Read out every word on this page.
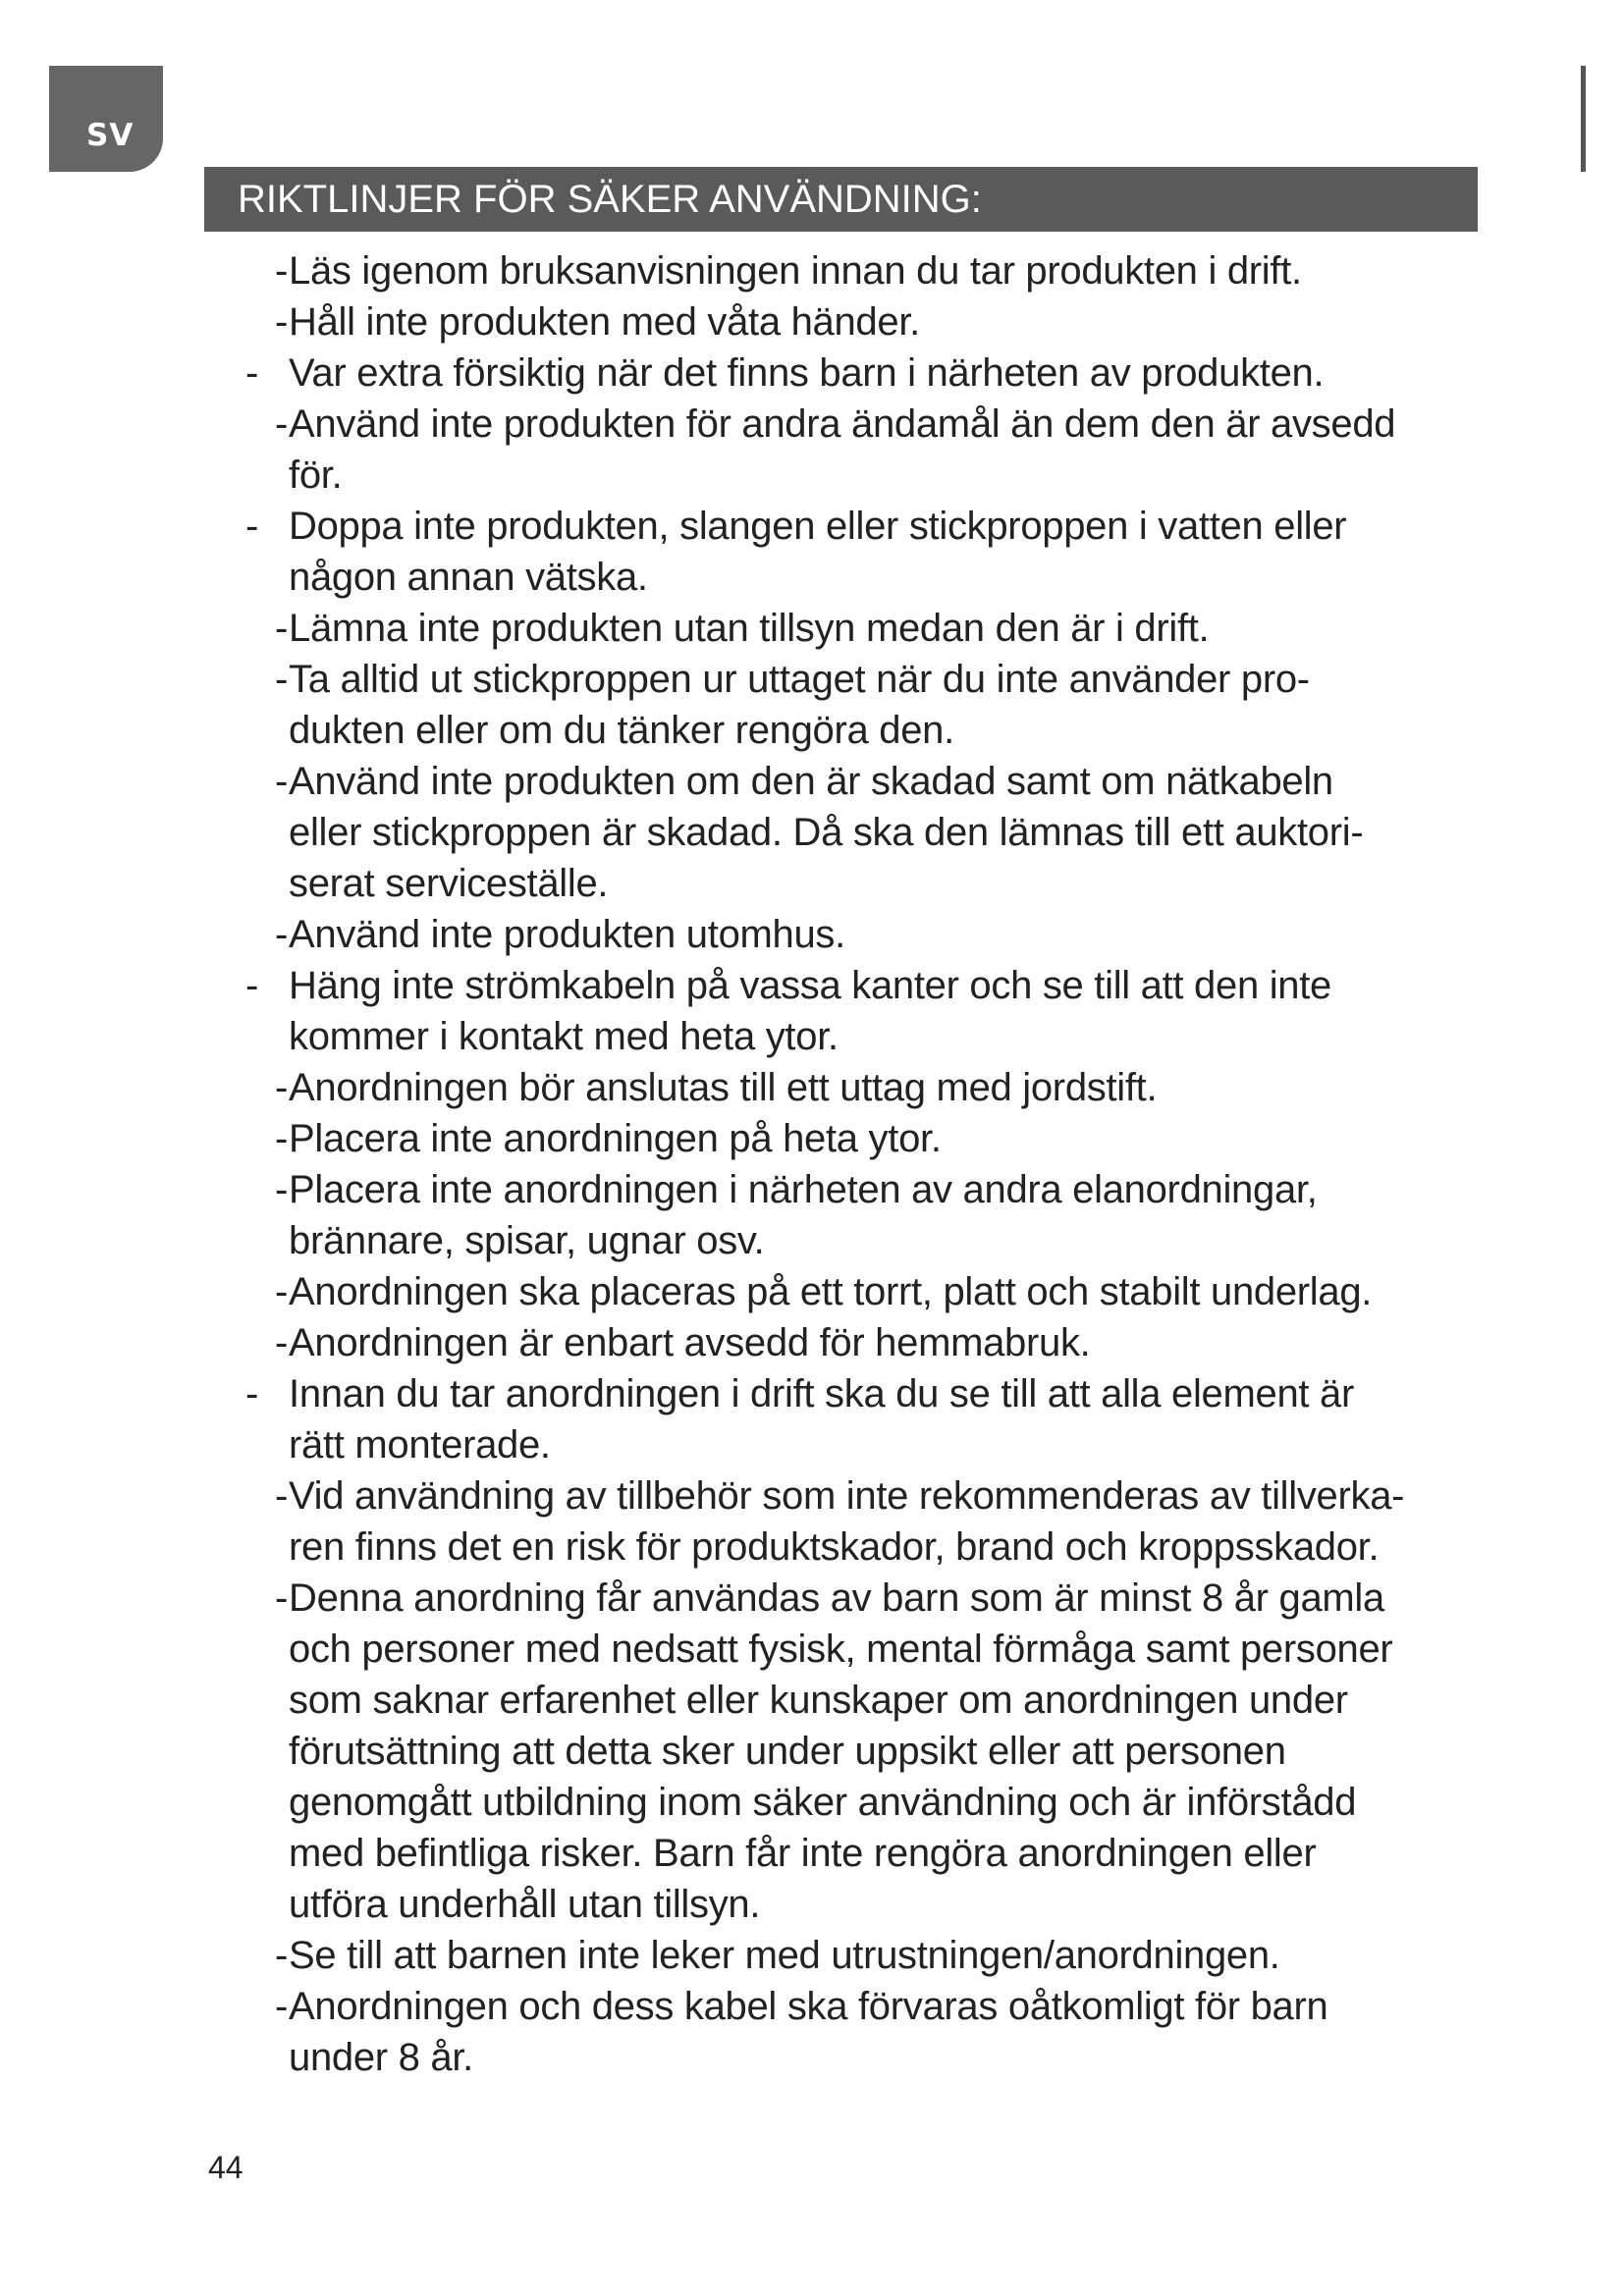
SV
RIKTLINJER FÖR SÄKER ANVÄNDNING:
- Läs igenom bruksanvisningen innan du tar produkten i drift.
- Håll inte produkten med våta händer.
- Var extra försiktig när det finns barn i närheten av produkten.
- Använd inte produkten för andra ändamål än dem den är avsedd
för.
- Doppa inte produkten, slangen eller stickproppen i vatten eller
någon annan vätska.
- Lämna inte produkten utan tillsyn medan den är i drift.
- Ta alltid ut stickproppen ur uttaget när du inte använder pro-
dukten eller om du tänker rengöra den.
- Använd inte produkten om den är skadad samt om nätkabeln
eller stickproppen är skadad. Då ska den lämnas till ett auktori-
serat serviceställe.
- Använd inte produkten utomhus.
- Häng inte strömkabeln på vassa kanter och se till att den inte
kommer i kontakt med heta ytor.
- Anordningen bör anslutas till ett uttag med jordstift.
- Placera inte anordningen på heta ytor.
- Placera inte anordningen i närheten av andra elanordningar,
brännare, spisar, ugnar osv.
- Anordningen ska placeras på ett torrt, platt och stabilt underlag.
- Anordningen är enbart avsedd för hemmabruk.
- Innan du tar anordningen i drift ska du se till att alla element är
rätt monterade.
- Vid användning av tillbehör som inte rekommenderas av tillverka-
ren finns det en risk för produktskador, brand och kroppsskador.
- Denna anordning får användas av barn som är minst 8 år gamla
och personer med nedsatt fysisk, mental förmåga samt personer
som saknar erfarenhet eller kunskaper om anordningen under
förutsättning att detta sker under uppsikt eller att personen
genomgått utbildning inom säker användning och är införstådd
med befintliga risker. Barn får inte rengöra anordningen eller
utföra underhåll utan tillsyn.
- Se till att barnen inte leker med utrustningen/anordningen.
- Anordningen och dess kabel ska förvaras oåtkomligt för barn
under 8 år.
44
